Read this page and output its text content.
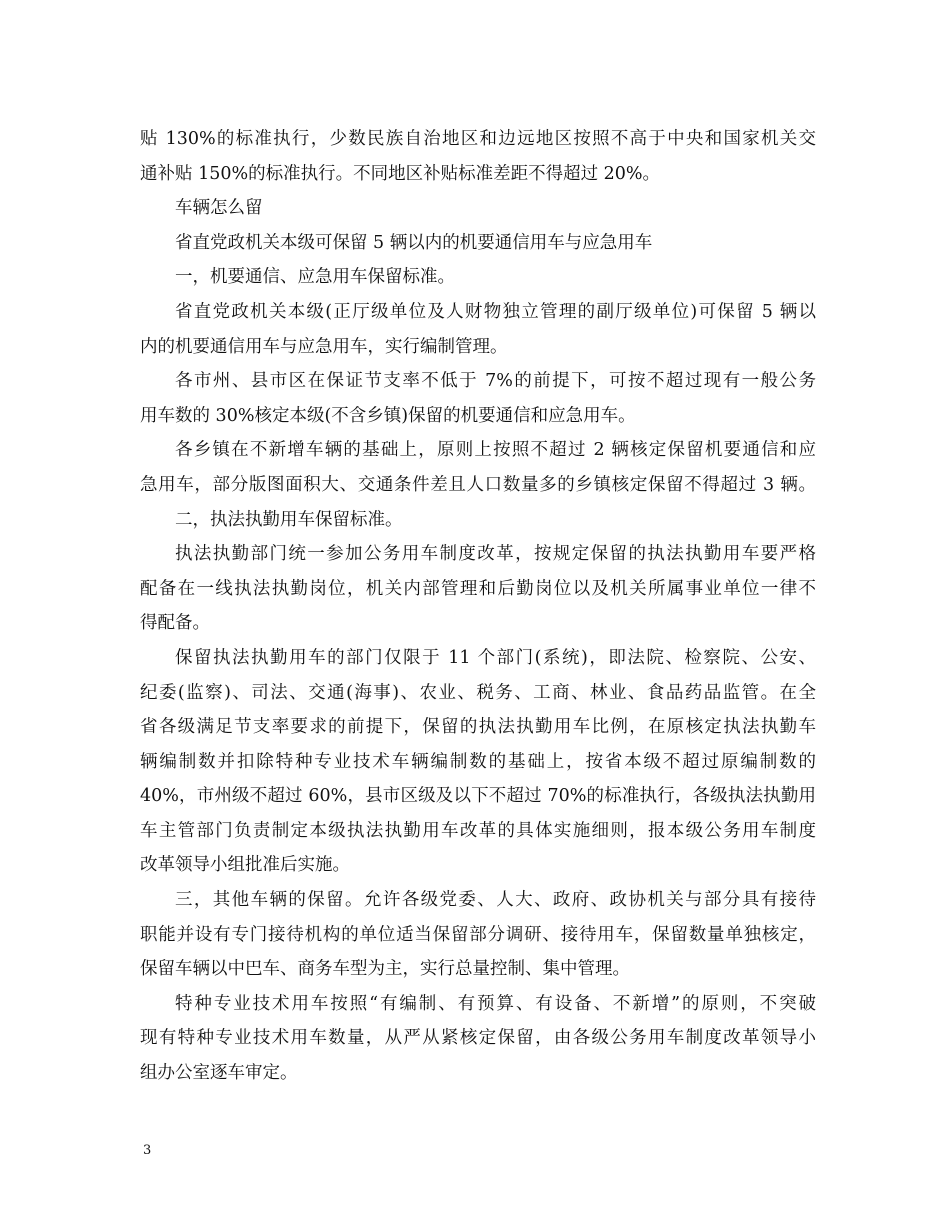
贴 130%的标准执行，少数民族自治地区和边远地区按照不高于中央和国家机关交
通补贴 150%的标准执行。不同地区补贴标准差距不得超过 20%。
车辆怎么留
省直党政机关本级可保留 5 辆以内的机要通信用车与应急用车
一，机要通信、应急用车保留标准。
省直党政机关本级(正厅级单位及人财物独立管理的副厅级单位)可保留 5 辆以
内的机要通信用车与应急用车，实行编制管理。
各市州、县市区在保证节支率不低于 7%的前提下，可按不超过现有一般公务
用车数的 30%核定本级(不含乡镇)保留的机要通信和应急用车。
各乡镇在不新增车辆的基础上，原则上按照不超过 2 辆核定保留机要通信和应
急用车，部分版图面积大、交通条件差且人口数量多的乡镇核定保留不得超过 3 辆。
二，执法执勤用车保留标准。
执法执勤部门统一参加公务用车制度改革，按规定保留的执法执勤用车要严格
配备在一线执法执勤岗位，机关内部管理和后勤岗位以及机关所属事业单位一律不
得配备。
保留执法执勤用车的部门仅限于 11 个部门(系统)，即法院、检察院、公安、
纪委(监察)、司法、交通(海事)、农业、税务、工商、林业、食品药品监管。在全
省各级满足节支率要求的前提下，保留的执法执勤用车比例，在原核定执法执勤车
辆编制数并扣除特种专业技术车辆编制数的基础上，按省本级不超过原编制数的
40%，市州级不超过 60%，县市区级及以下不超过 70%的标准执行，各级执法执勤用
车主管部门负责制定本级执法执勤用车改革的具体实施细则，报本级公务用车制度
改革领导小组批准后实施。
三，其他车辆的保留。允许各级党委、人大、政府、政协机关与部分具有接待
职能并设有专门接待机构的单位适当保留部分调研、接待用车，保留数量单独核定，
保留车辆以中巴车、商务车型为主，实行总量控制、集中管理。
特种专业技术用车按照“有编制、有预算、有设备、不新增”的原则，不突破
现有特种专业技术用车数量，从严从紧核定保留，由各级公务用车制度改革领导小
组办公室逐车审定。
3
